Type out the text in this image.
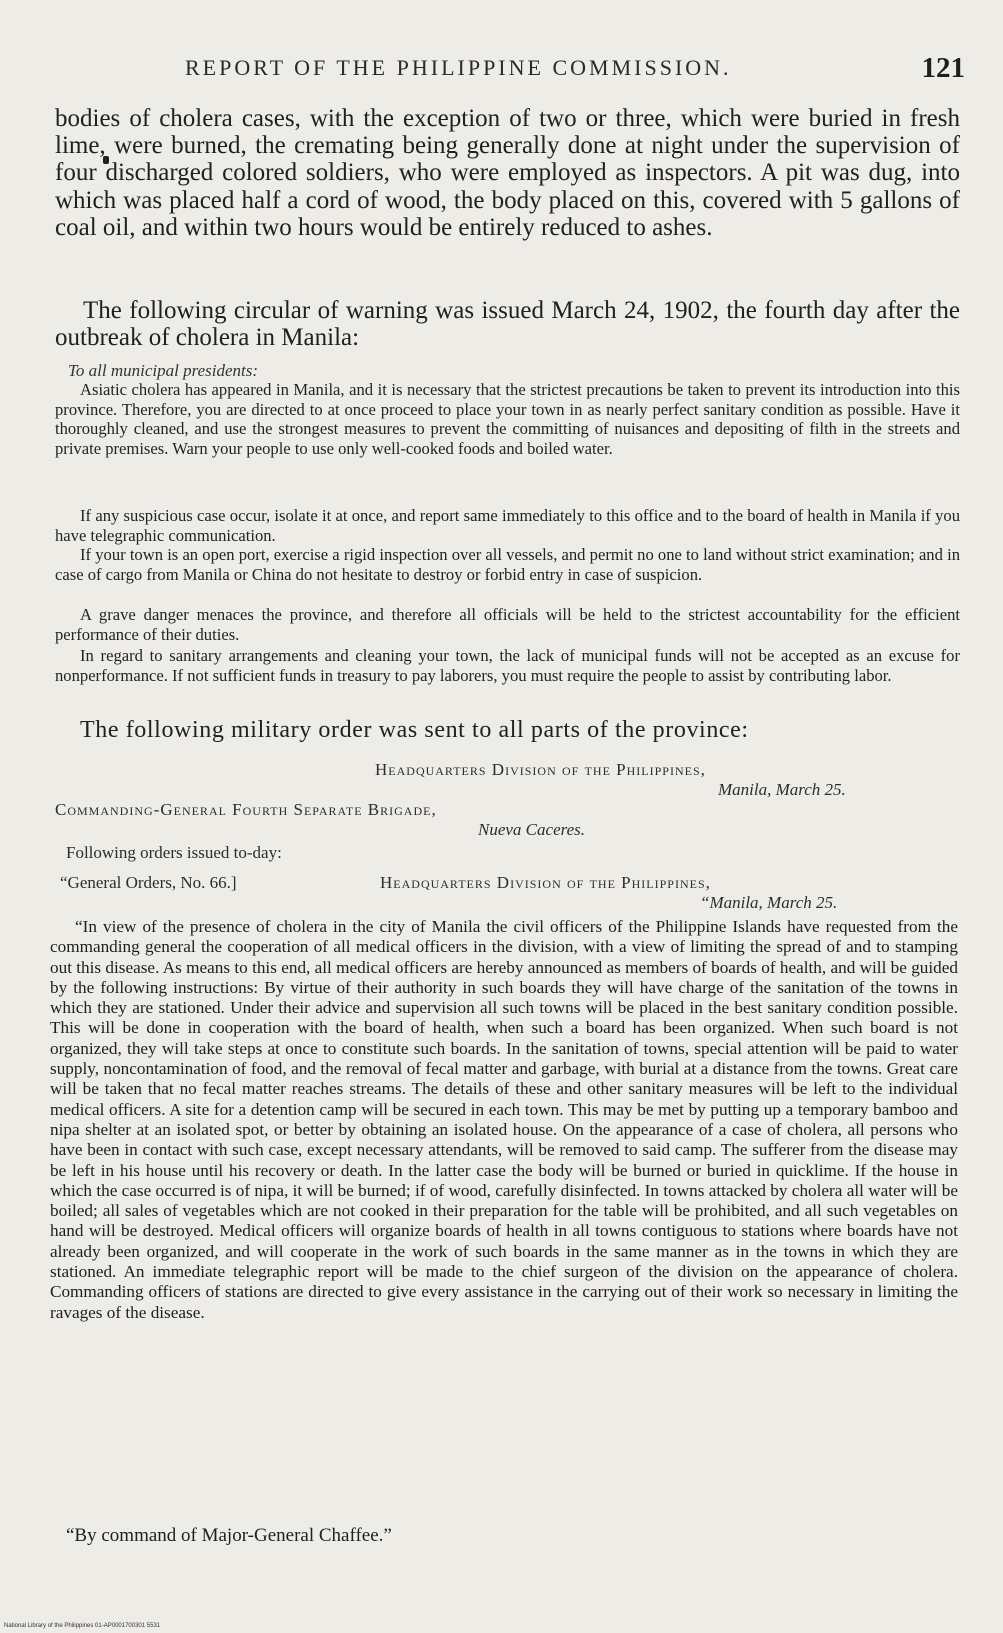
REPORT OF THE PHILIPPINE COMMISSION.	121

bodies of cholera cases, with the exception of two or three, which were buried in fresh lime, were burned, the cremating being generally done at night under the supervision of four discharged colored soldiers, who were employed as inspectors. A pit was dug, into which was placed half a cord of wood, the body placed on this, covered with 5 gallons of coal oil, and within two hours would be entirely reduced to ashes.

The following circular of warning was issued March 24, 1902, the fourth day after the outbreak of cholera in Manila:

To all municipal presidents:

Asiatic cholera has appeared in Manila, and it is necessary that the strictest precautions be taken to prevent its introduction into this province. Therefore, you are directed to at once proceed to place your town in as nearly perfect sanitary condition as possible. Have it thoroughly cleaned, and use the strongest measures to prevent the committing of nuisances and depositing of filth in the streets and private premises. Warn your people to use only well-cooked foods and boiled water.

If any suspicious case occur, isolate it at once, and report same immediately to this office and to the board of health in Manila if you have telegraphic communication.

If your town is an open port, exercise a rigid inspection over all vessels, and permit no one to land without strict examination; and in case of cargo from Manila or China do not hesitate to destroy or forbid entry in case of suspicion.

A grave danger menaces the province, and therefore all officials will be held to the strictest accountability for the efficient performance of their duties.

In regard to sanitary arrangements and cleaning your town, the lack of municipal funds will not be accepted as an excuse for nonperformance. If not sufficient funds in treasury to pay laborers, you must require the people to assist by contributing labor.

The following military order was sent to all parts of the province:

Headquarters Division of the Philippines,

Manila, March 25.

Commanding-General Fourth Separate Brigade,

Nueva Caceres.

Following orders issued to-day:

“General Orders, No. 66.]	Headquarters Division of the Philippines,

“Manila, March 25.

“In view of the presence of cholera in the city of Manila the civil officers of the Philippine Islands have requested from the commanding general the cooperation of all medical officers in the division, with a view of limiting the spread of and to stamping out this disease. As means to this end, all medical officers are hereby announced as members of boards of health, and will be guided by the following instructions: By virtue of their authority in such boards they will have charge of the sanitation of the towns in which they are stationed. Under their advice and supervision all such towns will be placed in the best sanitary condition possible. This will be done in cooperation with the board of health, when such a board has been organized. When such board is not organized, they will take steps at once to constitute such boards. In the sanitation of towns, special attention will be paid to water supply, noncontamination of food, and the removal of fecal matter and garbage, with burial at a distance from the towns. Great care will be taken that no fecal matter reaches streams. The details of these and other sanitary measures will be left to the individual medical officers. A site for a detention camp will be secured in each town. This may be met by putting up a temporary bamboo and nipa shelter at an isolated spot, or better by obtaining an isolated house. On the appearance of a case of cholera, all persons who have been in contact with such case, except necessary attendants, will be removed to said camp. The sufferer from the disease may be left in his house until his recovery or death. In the latter case the body will be burned or buried in quicklime. If the house in which the case occurred is of nipa, it will be burned; if of wood, carefully disinfected. In towns attacked by cholera all water will be boiled; all sales of vegetables which are not cooked in their preparation for the table will be prohibited, and all such vegetables on hand will be destroyed. Medical officers will organize boards of health in all towns contiguous to stations where boards have not already been organized, and will cooperate in the work of such boards in the same manner as in the towns in which they are stationed. An immediate telegraphic report will be made to the chief surgeon of the division on the appearance of cholera. Commanding officers of stations are directed to give every assistance in the carrying out of their work so necessary in limiting the ravages of the disease.

“By command of Major-General Chaffee.”

National Library of the Philippines 01-AP0001700301 5531
